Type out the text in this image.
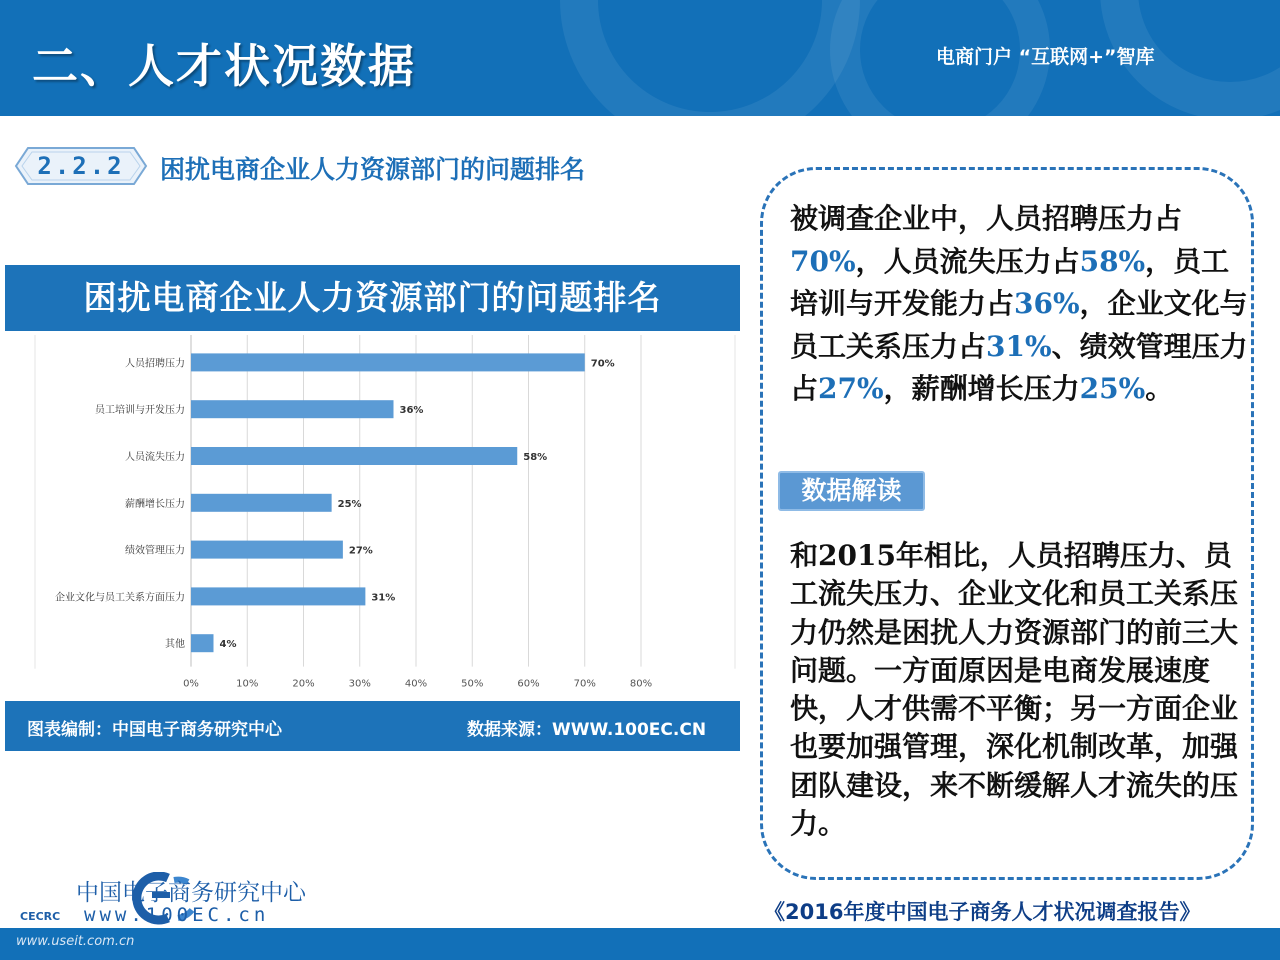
二、人才状况数据	电商门户 “互联网+”智库
2.2.2	困扰电商企业人力资源部门的问题排名
困扰电商企业人力资源部门的问题排名
0%	10%	20%	30%	40%	50%	60%	70%	80%
人员招聘压力	70%
员工培训与开发压力	36%
人员流失压力	58%
薪酬增长压力	25%
绩效管理压力	27%
企业文化与员工关系方面压力	31%
其他	4%
图表编制：中国电子商务研究中心	数据来源：WWW.100EC.CN
被调查企业中，人员招聘压力占70%，人员流失压力占58%，员工培训与开发能力占36%，企业文化与员工关系压力占31%、绩效管理压力占27%，薪酬增长压力25%。
数据解读
和2015年相比，人员招聘压力、员工流失压力、企业文化和员工关系压力仍然是困扰人力资源部门的前三大问题。一方面原因是电商发展速度快，人才供需不平衡；另一方面企业也要加强管理，深化机制改革，加强团队建设，来不断缓解人才流失的压力。
中国电子商务研究中心
www.100EC.cn
CECRC	《2016年度中国电子商务人才状况调查报告》
www.useit.com.cn
